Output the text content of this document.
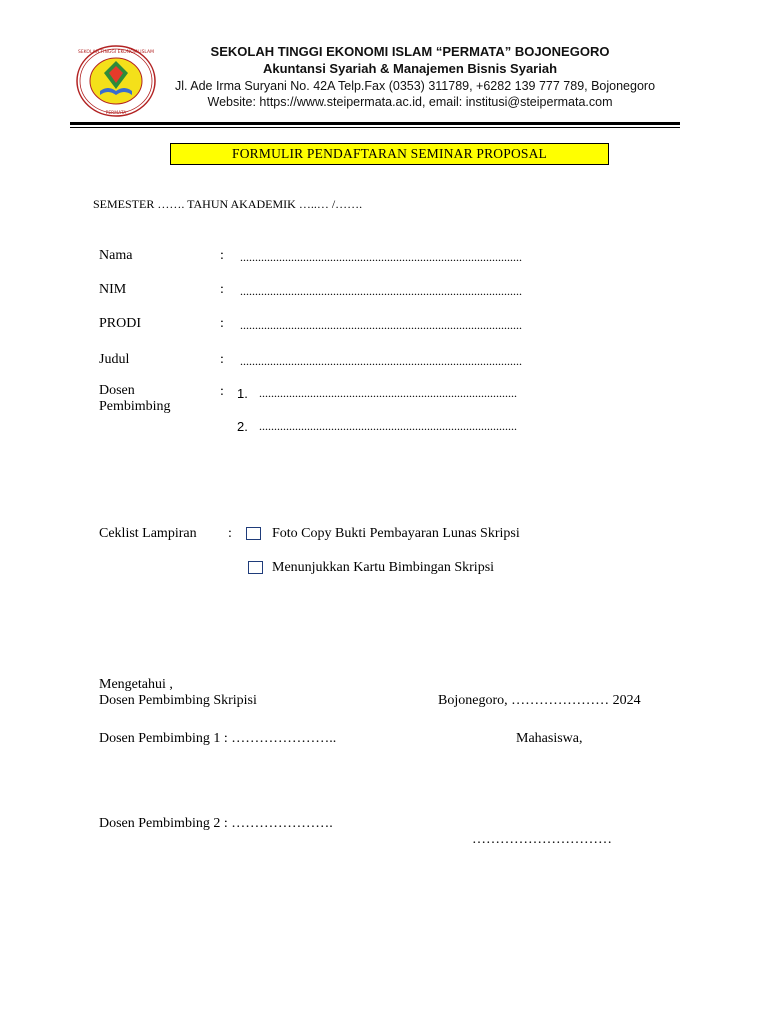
SEKOLAH TINGGI EKONOMI ISLAM
PERMATA
SEKOLAH TINGGI EKONOMI ISLAM “PERMATA” BOJONEGORO
Akuntansi Syariah & Manajemen Bisnis Syariah
Jl. Ade Irma Suryani No. 42A Telp.Fax (0353) 311789, +6282 139 777 789, Bojonegoro
Website: https://www.steipermata.ac.id, email: institusi@steipermata.com
FORMULIR PENDAFTARAN SEMINAR PROPOSAL
SEMESTER ……. TAHUN AKADEMIK …..… /…….
Nama	: ..............................................................................................
NIM	: ..............................................................................................
PRODI	: ..............................................................................................
Judul	: ..............................................................................................
Dosen
Pembimbing
: 1. ......................................................................................
2. ......................................................................................
Ceklist Lampiran :	Foto Copy Bukti Pembayaran Lunas Skripsi
Menunjukkan Kartu Bimbingan Skripsi
Mengetahui ,
Dosen Pembimbing Skripisi	Bojonegoro, ………………… 2024
Dosen Pembimbing 1 : …………………..	Mahasiswa,
Dosen Pembimbing 2 : ………………….
…………………………
